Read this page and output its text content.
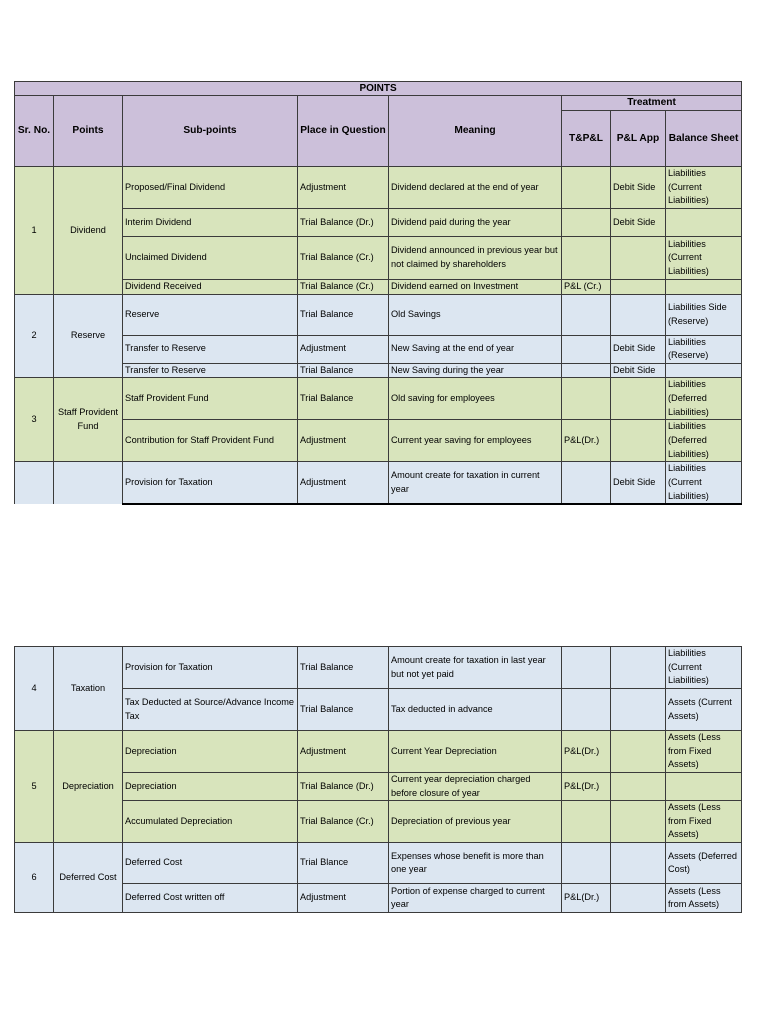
POINTS							
Sr. No.	Points	Sub-points	Place in Question	Meaning	Treatment		
					T&P&L	P&L App	Balance Sheet
1	Dividend	Proposed/Final Dividend	Adjustment	Dividend declared at the end of year		Debit Side	Liabilities (Current Liabilities)
		Interim Dividend	Trial Balance (Dr.)	Dividend paid during the year		Debit Side	
		Unclaimed Dividend	Trial Balance (Cr.)	Dividend announced in previous year but not claimed by shareholders			Liabilities (Current Liabilities)
		Dividend Received	Trial Balance (Cr.)	Dividend earned on Investment	P&L (Cr.)		
2	Reserve	Reserve	Trial Balance	Old Savings			Liabilities Side (Reserve)
		Transfer to Reserve	Adjustment	New Saving at the end of year		Debit Side	Liabilities (Reserve)
		Transfer to Reserve	Trial Balance	New Saving during the year		Debit Side	
3	Staff Provident Fund	Staff Provident Fund	Trial Balance	Old saving for employees			Liabilities (Deferred Liabilities)
		Contribution for Staff Provident Fund	Adjustment	Current year saving for employees	P&L(Dr.)		Liabilities (Deferred Liabilities)
		Provision for Taxation	Adjustment	Amount create for taxation in current year		Debit Side	Liabilities (Current Liabilities)
4	Taxation	Provision for Taxation	Trial Balance	Amount create for taxation in last year but not yet paid			Liabilities (Current Liabilities)
		Tax Deducted at Source/Advance Income Tax	Trial Balance	Tax deducted in advance			Assets (Current Assets)
5	Depreciation	Depreciation	Adjustment	Current Year Depreciation	P&L(Dr.)		Assets (Less from Fixed Assets)
		Depreciation	Trial Balance (Dr.)	Current year depreciation charged before closure of year	P&L(Dr.)		
		Accumulated Depreciation	Trial Balance (Cr.)	Depreciation of previous year			Assets (Less from Fixed Assets)
6	Deferred Cost	Deferred Cost	Trial Blance	Expenses whose benefit is more than one year			Assets (Deferred Cost)
		Deferred Cost written off	Adjustment	Portion of expense charged to current year	P&L(Dr.)		Assets (Less from Assets)
